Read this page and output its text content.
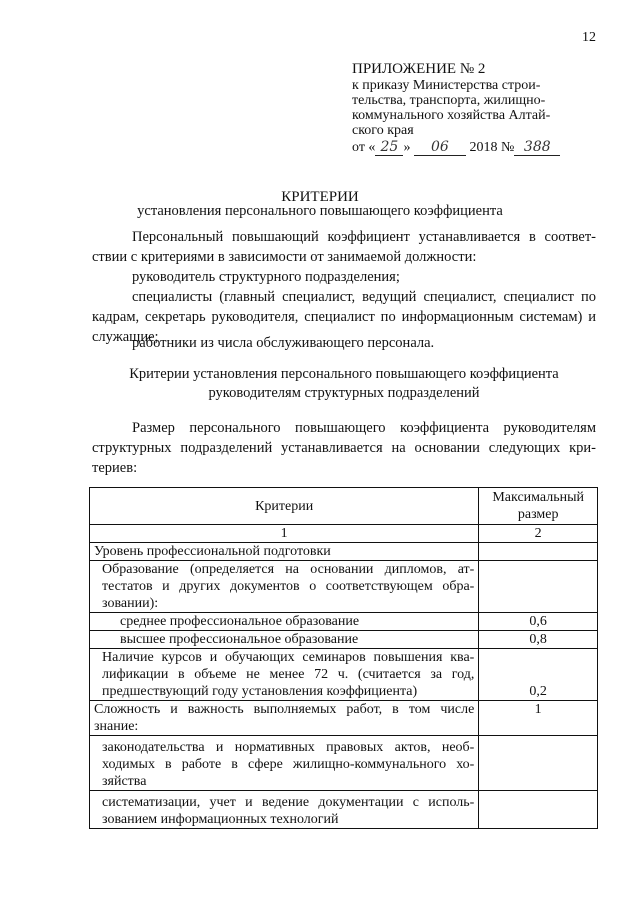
12
ПРИЛОЖЕНИЕ № 2
к приказу Министерства строи-
тельства, транспорта, жилищно-
коммунального хозяйства Алтай-
ского края
от « 25 » 06 2018 № 388
КРИТЕРИИ
установления персонального повышающего коэффициента
Персональный повышающий коэффициент устанавливается в соответ-ствии с критериями в зависимости от занимаемой должности:
руководитель структурного подразделения;
специалисты (главный специалист, ведущий специалист, специалист по кадрам, секретарь руководителя, специалист по информационным системам) и служащие;
работники из числа обслуживающего персонала.
Критерии установления персонального повышающего коэффициента
руководителям структурных подразделений
Размер персонального повышающего коэффициента руководителям структурных подразделений устанавливается на основании следующих кри-териев:
Критерии	Максимальный размер
1	2
Уровень профессиональной подготовки	
Образование (определяется на основании дипломов, ат-тестатов и других документов о соответствующем обра-зовании):	
среднее профессиональное образование	0,6
высшее профессиональное образование	0,8
Наличие курсов и обучающих семинаров повышения ква-лификации в объеме не менее 72 ч. (считается за год, предшествующий году установления коэффициента)	0,2
Сложность и важность выполняемых работ, в том числе знание:	1
законодательства и нормативных правовых актов, необ-ходимых в работе в сфере жилищно-коммунального хо-зяйства	
систематизации, учет и ведение документации с исполь-зованием информационных технологий	
